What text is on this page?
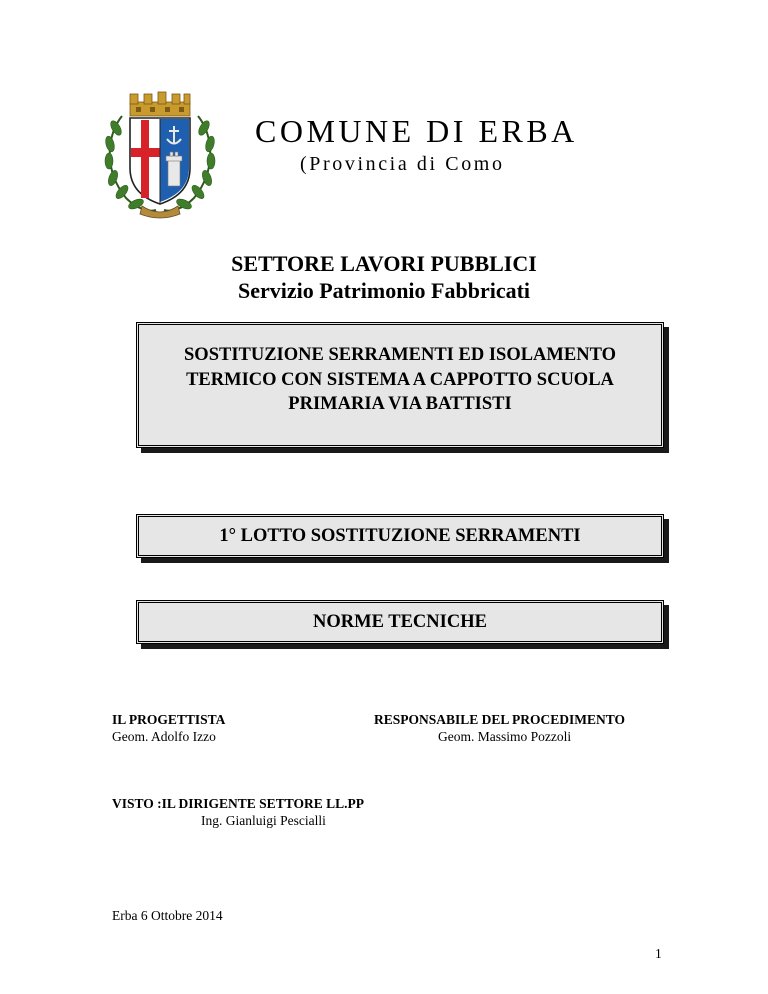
COMUNE DI ERBA
(Provincia di Como
SETTORE LAVORI PUBBLICI
Servizio Patrimonio Fabbricati
SOSTITUZIONE SERRAMENTI ED ISOLAMENTO
TERMICO CON SISTEMA A CAPPOTTO SCUOLA
PRIMARIA VIA BATTISTI
1° LOTTO SOSTITUZIONE SERRAMENTI
NORME TECNICHE
IL PROGETTISTA
Geom. Adolfo Izzo
RESPONSABILE DEL PROCEDIMENTO
Geom. Massimo Pozzoli
VISTO :IL DIRIGENTE SETTORE LL.PP
Ing. Gianluigi Pescialli
Erba 6 Ottobre 2014
1
